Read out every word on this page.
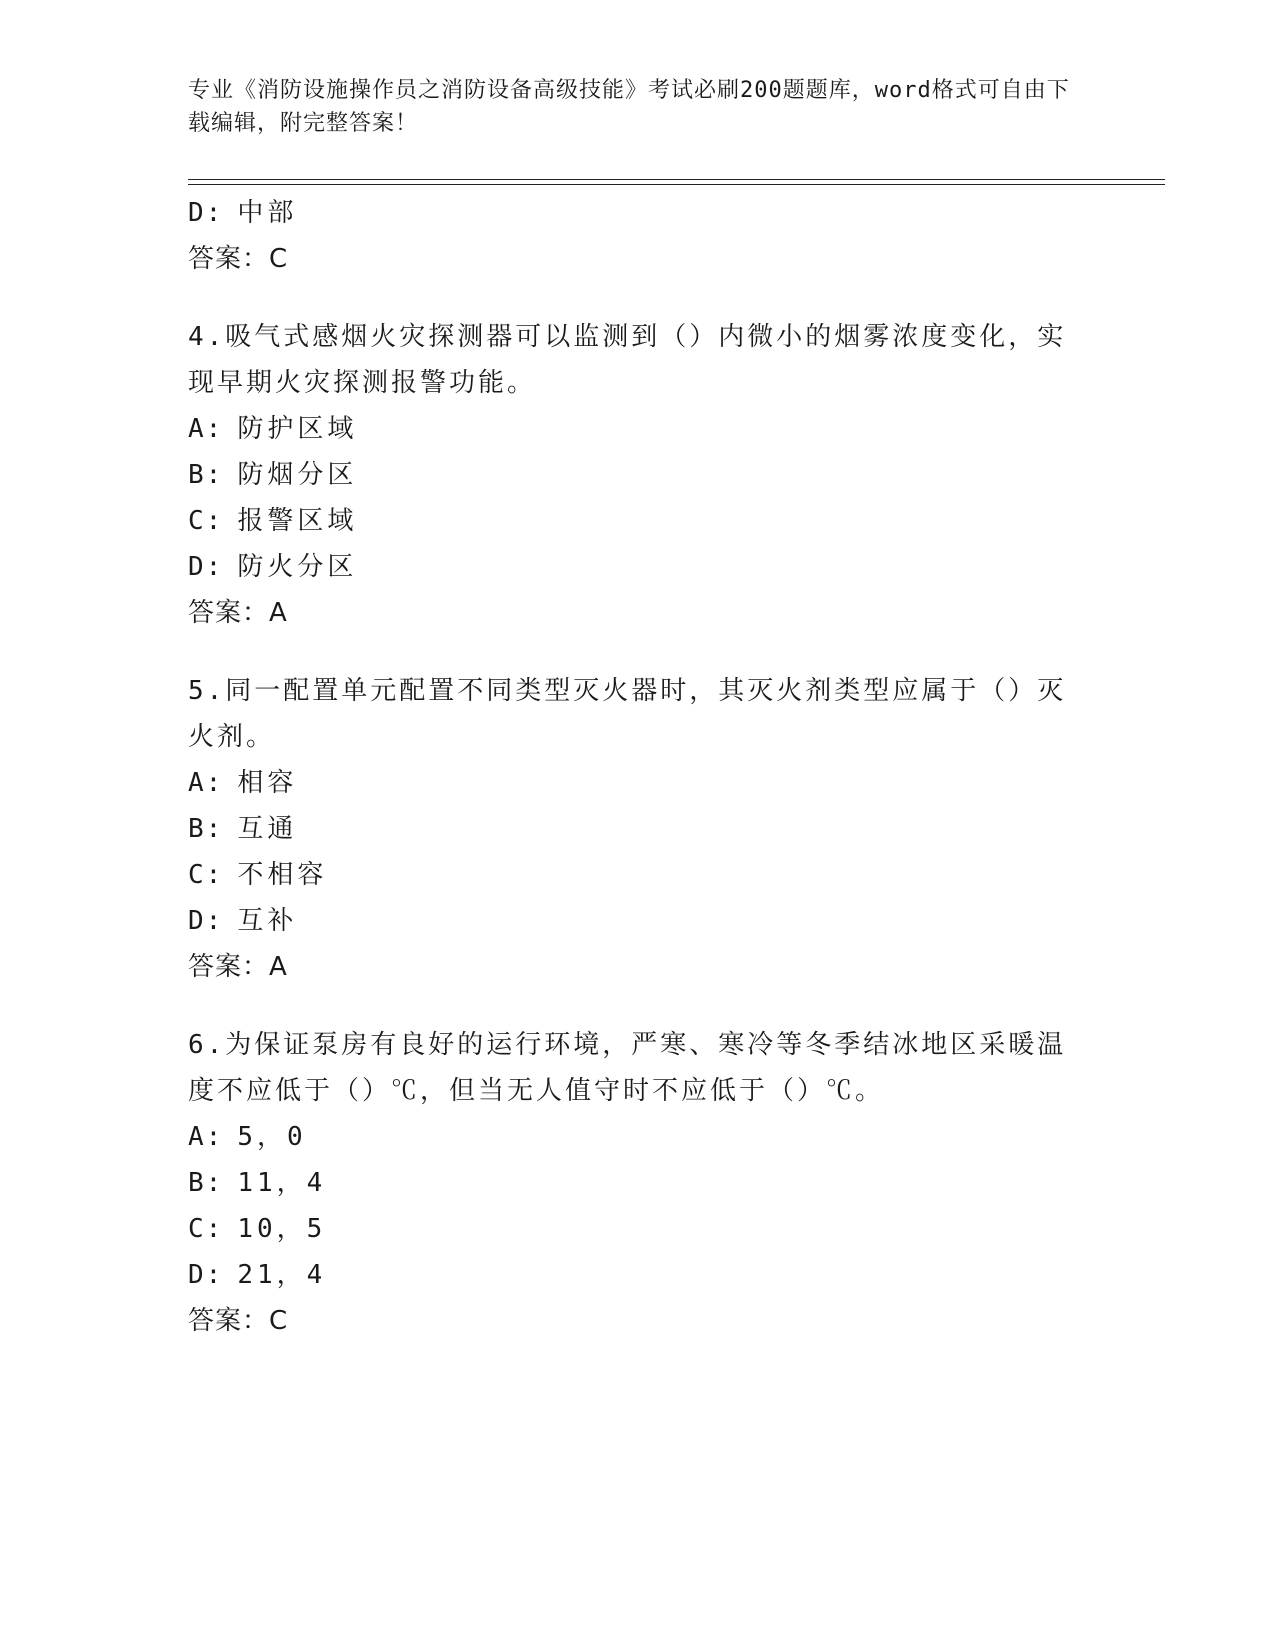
专业《消防设施操作员之消防设备高级技能》考试必刷200题题库，word格式可自由下载编辑，附完整答案！
D: 中部
答案：C
4.吸气式感烟火灾探测器可以监测到（）内微小的烟雾浓度变化，实现早期火灾探测报警功能。
A: 防护区域
B: 防烟分区
C: 报警区域
D: 防火分区
答案：A
5.同一配置单元配置不同类型灭火器时，其灭火剂类型应属于（）灭火剂。
A: 相容
B: 互通
C: 不相容
D: 互补
答案：A
6.为保证泵房有良好的运行环境，严寒、寒冷等冬季结冰地区采暖温度不应低于（）℃，但当无人值守时不应低于（）℃。
A: 5，0
B: 11，4
C: 10，5
D: 21，4
答案：C
